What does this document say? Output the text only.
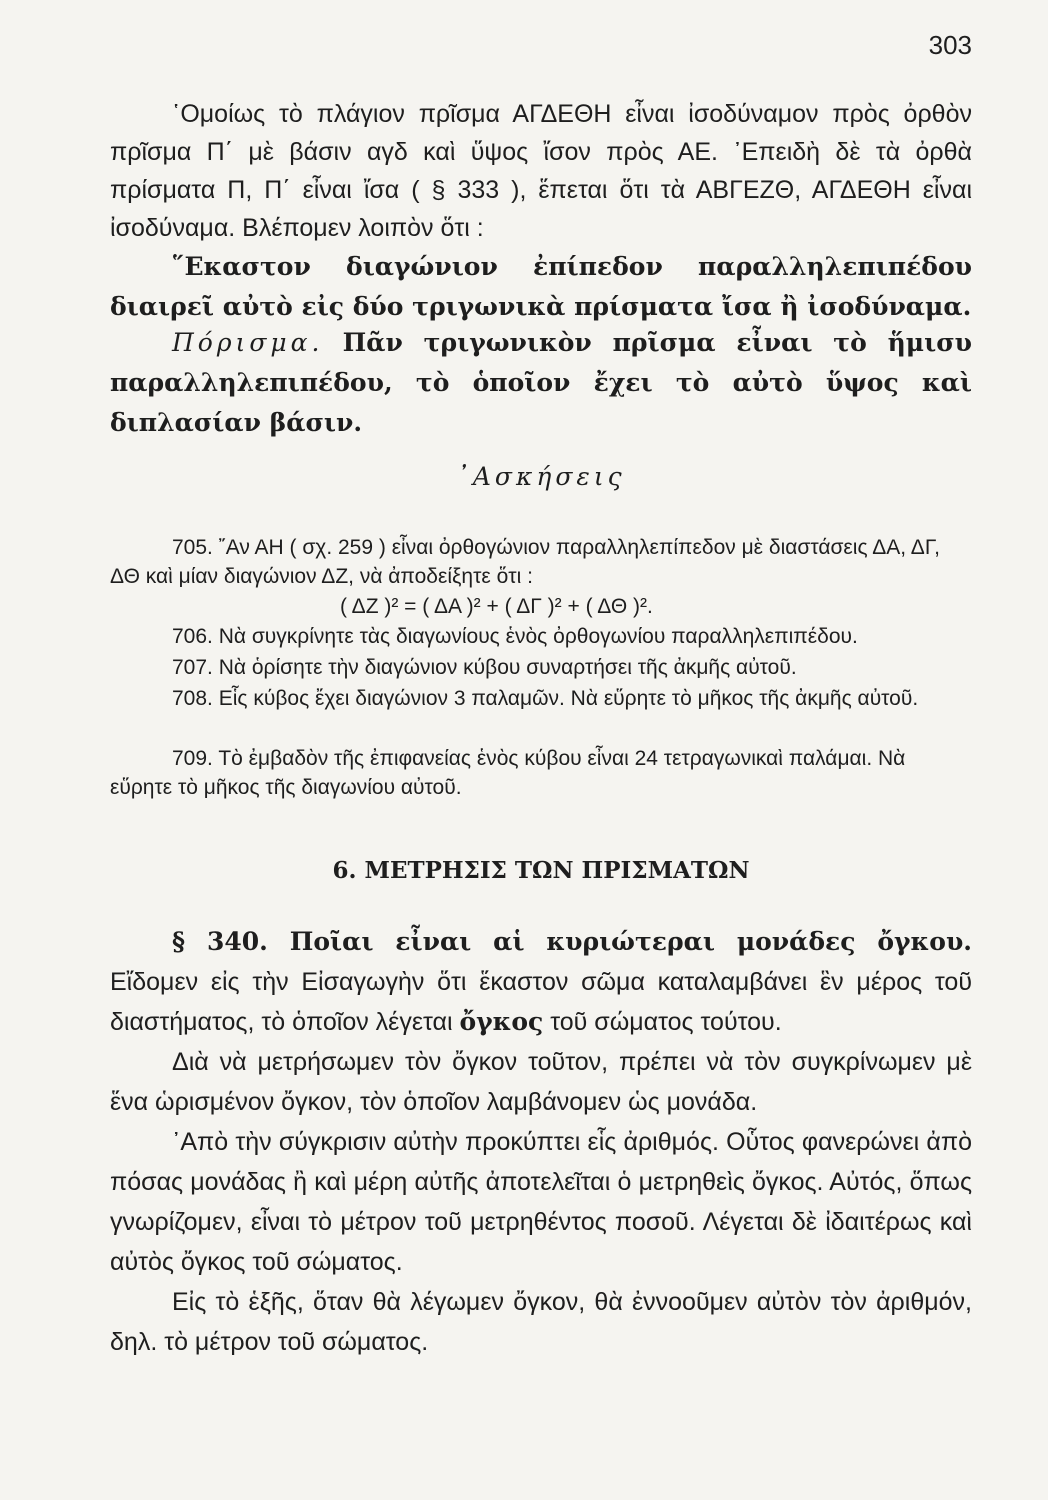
303

῾Ομοίως τὸ πλάγιον πρῖσμα ΑΓΔΕΘΗ εἶναι ἰσοδύναμον πρὸς ὀρθὸν πρῖσμα Π΄ μὲ βάσιν αγδ καὶ ὕψος ἴσον πρὸς ΑΕ. ᾿Επειδὴ δὲ τὰ ὀρθὰ πρίσματα Π, Π΄ εἶναι ἴσα ( § 333 ), ἕπεται ὅτι τὰ ΑΒΓΕΖΘ, ΑΓΔΕΘΗ εἶναι ἰσοδύναμα. Βλέπομεν λοιπὸν ὅτι :

῞Εκαστον διαγώνιον ἐπίπεδον παραλληλεπιπέδου διαιρεῖ αὐτὸ εἰς δύο τριγωνικὰ πρίσματα ἴσα ἢ ἰσοδύναμα.

Πόρισμα. Πᾶν τριγωνικὸν πρῖσμα εἶναι τὸ ἥμισυ παραλληλεπιπέδου, τὸ ὁποῖον ἔχει τὸ αὐτὸ ὕψος καὶ διπλασίαν βάσιν.

᾿Ασκήσεις

705. ῎Αν ΑΗ ( σχ. 259 ) εἶναι ὀρθογώνιον παραλληλεπίπεδον μὲ διαστάσεις ΔΑ, ΔΓ, ΔΘ καὶ μίαν διαγώνιον ΔΖ, νὰ ἀποδείξητε ὅτι :

( ΔΖ )² = ( ΔΑ )² + ( ΔΓ )² + ( ΔΘ )².

706. Νὰ συγκρίνητε τὰς διαγωνίους ἑνὸς ὀρθογωνίου παραλληλεπιπέδου.

707. Νὰ ὁρίσητε τὴν διαγώνιον κύβου συναρτήσει τῆς ἀκμῆς αὐτοῦ.

708. Εἷς κύβος ἔχει διαγώνιον 3 παλαμῶν. Νὰ εὕρητε τὸ μῆκος τῆς ἀκμῆς αὐτοῦ.

709. Τὸ ἐμβαδὸν τῆς ἐπιφανείας ἑνὸς κύβου εἶναι 24 τετραγωνικαὶ παλάμαι. Νὰ εὕρητε τὸ μῆκος τῆς διαγωνίου αὐτοῦ.

6. ΜΕΤΡΗΣΙΣ ΤΩΝ ΠΡΙΣΜΑΤΩΝ

§ 340. Ποῖαι εἶναι αἱ κυριώτεραι μονάδες ὄγκου. Εἴδομεν εἰς τὴν Εἰσαγωγὴν ὅτι ἕκαστον σῶμα καταλαμβάνει ἓν μέρος τοῦ διαστήματος, τὸ ὁποῖον λέγεται ὄγκος τοῦ σώματος τούτου.

Διὰ νὰ μετρήσωμεν τὸν ὄγκον τοῦτον, πρέπει νὰ τὸν συγκρίνωμεν μὲ ἕνα ὡρισμένον ὄγκον, τὸν ὁποῖον λαμβάνομεν ὡς μονάδα.

᾿Απὸ τὴν σύγκρισιν αὐτὴν προκύπτει εἷς ἀριθμός. Οὗτος φανερώνει ἀπὸ πόσας μονάδας ἢ καὶ μέρη αὐτῆς ἀποτελεῖται ὁ μετρηθεὶς ὄγκος. Αὐτός, ὅπως γνωρίζομεν, εἶναι τὸ μέτρον τοῦ μετρηθέντος ποσοῦ. Λέγεται δὲ ἰδαιτέρως καὶ αὐτὸς ὄγκος τοῦ σώματος.

Εἰς τὸ ἑξῆς, ὅταν θὰ λέγωμεν ὄγκον, θὰ ἐννοοῦμεν αὐτὸν τὸν ἀριθμόν, δηλ. τὸ μέτρον τοῦ σώματος.
